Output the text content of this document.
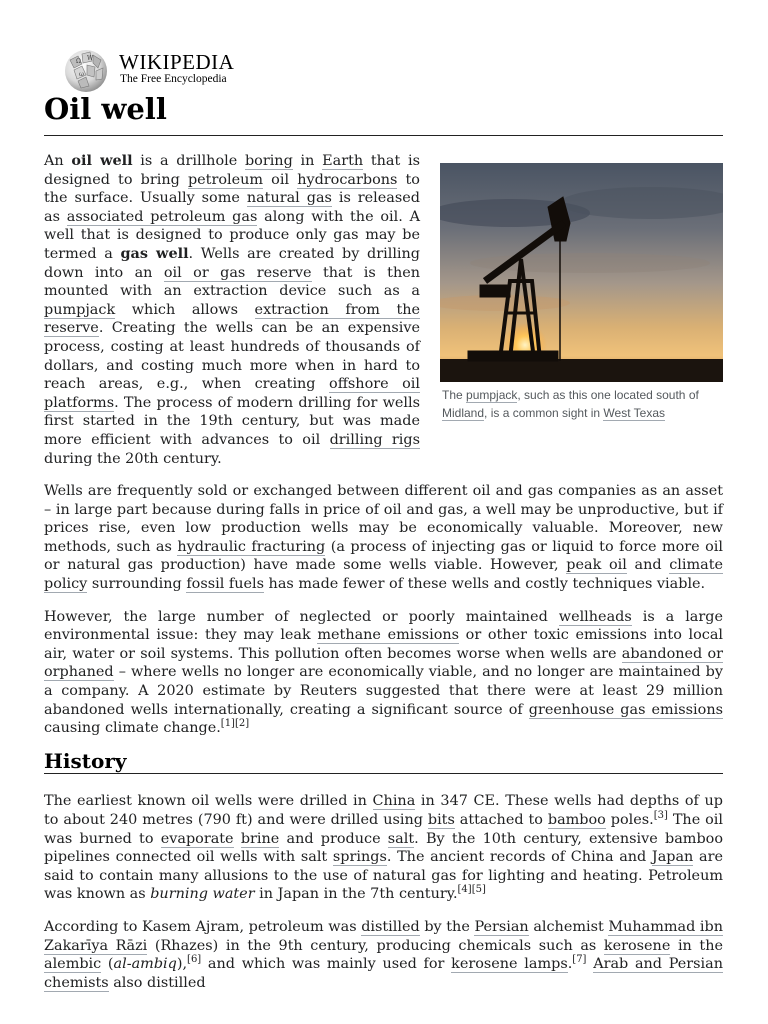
Ω W
ω
WIKIPEDIA
The Free Encyclopedia
Oil well
The pumpjack, such as this one located south of Midland, is a common sight in West Texas

An oil well is a drillhole boring in Earth that is designed to bring petroleum oil hydrocarbons to the surface. Usually some natural gas is released as associated petroleum gas along with the oil. A well that is designed to produce only gas may be termed a gas well. Wells are created by drilling down into an oil or gas reserve that is then mounted with an extraction device such as a pumpjack which allows extraction from the reserve. Creating the wells can be an expensive process, costing at least hundreds of thousands of dollars, and costing much more when in hard to reach areas, e.g., when creating offshore oil platforms. The process of modern drilling for wells first started in the 19th century, but was made more efficient with advances to oil drilling rigs during the 20th century.

Wells are frequently sold or exchanged between different oil and gas companies as an asset – in large part because during falls in price of oil and gas, a well may be unproductive, but if prices rise, even low production wells may be economically valuable. Moreover, new methods, such as hydraulic fracturing (a process of injecting gas or liquid to force more oil or natural gas production) have made some wells viable. However, peak oil and climate policy surrounding fossil fuels has made fewer of these wells and costly techniques viable.

However, the large number of neglected or poorly maintained wellheads is a large environmental issue: they may leak methane emissions or other toxic emissions into local air, water or soil systems. This pollution often becomes worse when wells are abandoned or orphaned – where wells no longer are economically viable, and no longer are maintained by a company. A 2020 estimate by Reuters suggested that there were at least 29 million abandoned wells internationally, creating a significant source of greenhouse gas emissions causing climate change.[1][2]

History

The earliest known oil wells were drilled in China in 347 CE. These wells had depths of up to about 240 metres (790 ft) and were drilled using bits attached to bamboo poles.[3] The oil was burned to evaporate brine and produce salt. By the 10th century, extensive bamboo pipelines connected oil wells with salt springs. The ancient records of China and Japan are said to contain many allusions to the use of natural gas for lighting and heating. Petroleum was known as burning water in Japan in the 7th century.[4][5]

According to Kasem Ajram, petroleum was distilled by the Persian alchemist Muhammad ibn Zakarīya Rāzi (Rhazes) in the 9th century, producing chemicals such as kerosene in the alembic (al-ambiq),[6] and which was mainly used for kerosene lamps.[7] Arab and Persian chemists also distilled
